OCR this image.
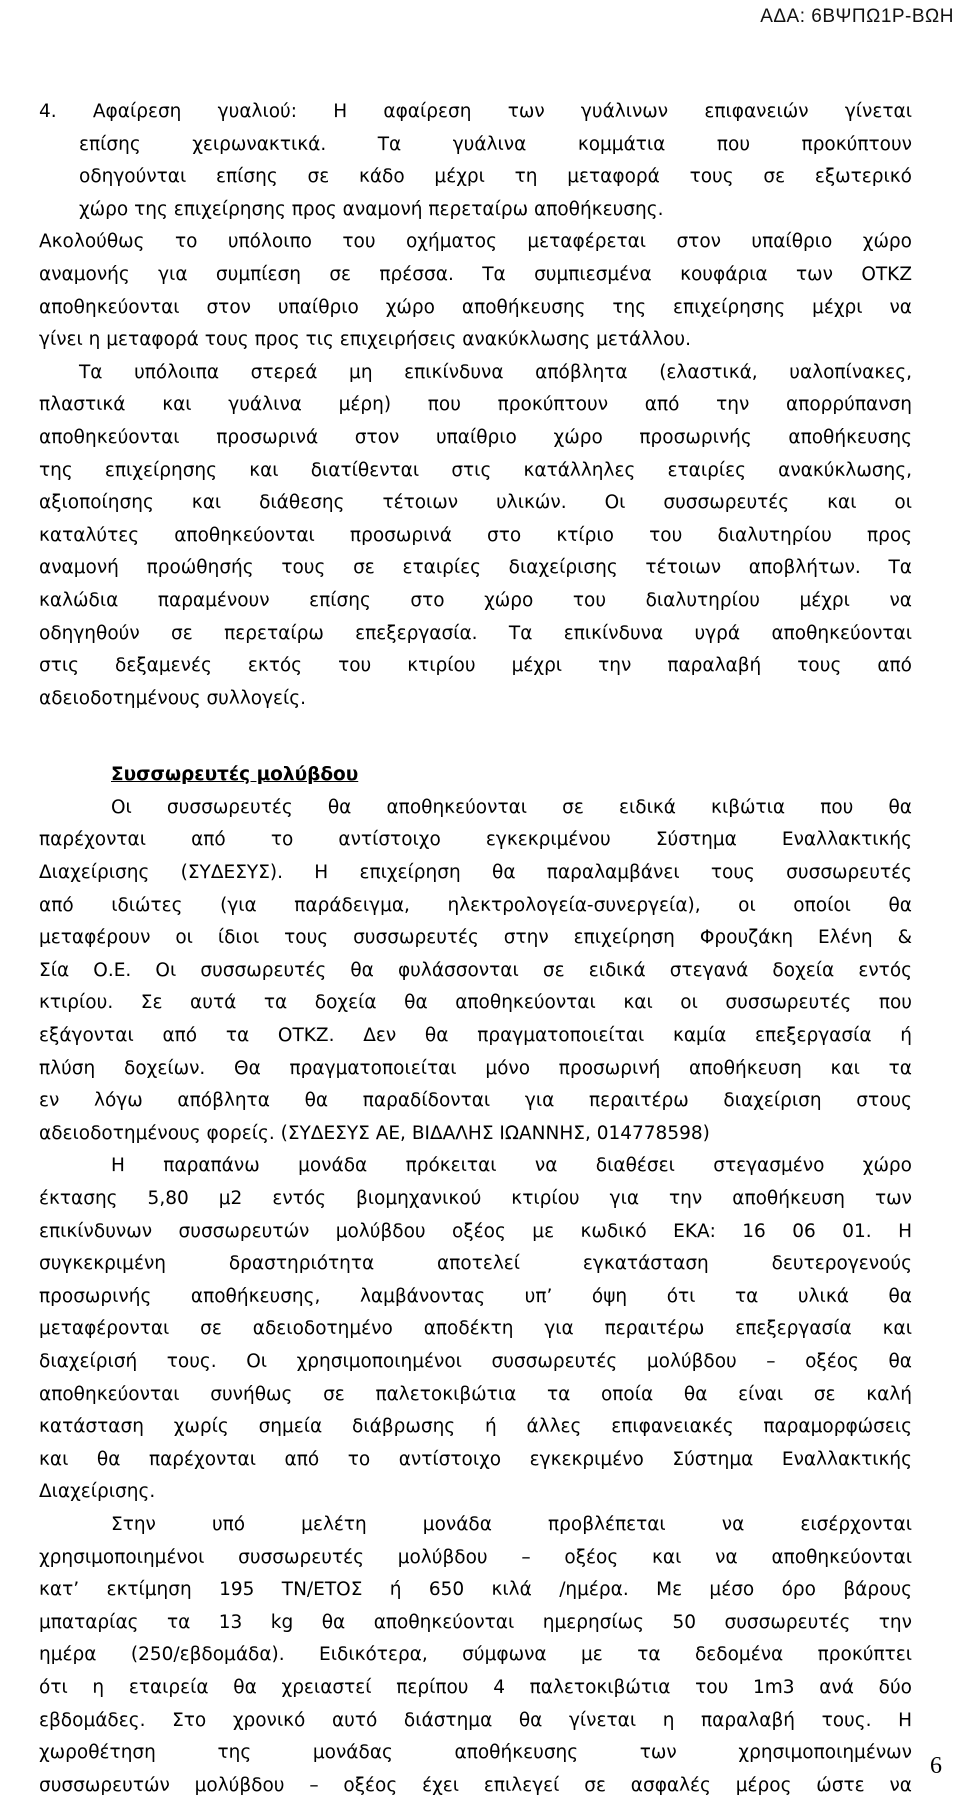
ΑΔΑ: 6ΒΨΠΩ1Ρ-ΒΩΗ
4. Αφαίρεση γυαλιού: Η αφαίρεση των γυάλινων επιφανειών γίνεται
επίσης χειρωνακτικά. Τα γυάλινα κομμάτια που προκύπτουν
οδηγούνται επίσης σε κάδο μέχρι τη μεταφορά τους σε εξωτερικό
χώρο της επιχείρησης προς αναμονή περεταίρω αποθήκευσης.
Ακολούθως το υπόλοιπο του οχήματος μεταφέρεται στον υπαίθριο χώρο
αναμονής για συμπίεση σε πρέσσα. Τα συμπιεσμένα κουφάρια των ΟΤΚΖ
αποθηκεύονται στον υπαίθριο χώρο αποθήκευσης της επιχείρησης μέχρι να
γίνει η μεταφορά τους προς τις επιχειρήσεις ανακύκλωσης μετάλλου.
Τα υπόλοιπα στερεά μη επικίνδυνα απόβλητα (ελαστικά, υαλοπίνακες,
πλαστικά και γυάλινα μέρη) που προκύπτουν από την απορρύπανση
αποθηκεύονται προσωρινά στον υπαίθριο χώρο προσωρινής αποθήκευσης
της επιχείρησης και διατίθενται στις κατάλληλες εταιρίες ανακύκλωσης,
αξιοποίησης και διάθεσης τέτοιων υλικών. Οι συσσωρευτές και οι
καταλύτες αποθηκεύονται προσωρινά στο κτίριο του διαλυτηρίου προς
αναμονή προώθησής τους σε εταιρίες διαχείρισης τέτοιων αποβλήτων. Τα
καλώδια παραμένουν επίσης στο χώρο του διαλυτηρίου μέχρι να
οδηγηθούν σε περεταίρω επεξεργασία. Τα επικίνδυνα υγρά αποθηκεύονται
στις δεξαμενές εκτός του κτιρίου μέχρι την παραλαβή τους από
αδειοδοτημένους συλλογείς.
Συσσωρευτές μολύβδου
Οι συσσωρευτές θα αποθηκεύονται σε ειδικά κιβώτια που θα
παρέχονται από το αντίστοιχο εγκεκριμένου Σύστημα Εναλλακτικής
Διαχείρισης (ΣΥΔΕΣΥΣ). Η επιχείρηση θα παραλαμβάνει τους συσσωρευτές
από ιδιώτες (για παράδειγμα, ηλεκτρολογεία-συνεργεία), οι οποίοι θα
μεταφέρουν οι ίδιοι τους συσσωρευτές στην επιχείρηση Φρουζάκη Ελένη &
Σία Ο.Ε. Οι συσσωρευτές θα φυλάσσονται σε ειδικά στεγανά δοχεία εντός
κτιρίου. Σε αυτά τα δοχεία θα αποθηκεύονται και οι συσσωρευτές που
εξάγονται από τα ΟΤΚΖ. Δεν θα πραγματοποιείται καμία επεξεργασία ή
πλύση δοχείων. Θα πραγματοποιείται μόνο προσωρινή αποθήκευση και τα
εν λόγω απόβλητα θα παραδίδονται για περαιτέρω διαχείριση στους
αδειοδοτημένους φορείς. (ΣΥΔΕΣΥΣ ΑΕ, ΒΙΔΑΛΗΣ ΙΩΑΝΝΗΣ, 014778598)
Η παραπάνω μονάδα πρόκειται να διαθέσει στεγασμένο χώρο
έκτασης 5,80 μ2 εντός βιομηχανικού κτιρίου για την αποθήκευση των
επικίνδυνων συσσωρευτών μολύβδου οξέος με κωδικό ΕΚΑ: 16 06 01. Η
συγκεκριμένη δραστηριότητα αποτελεί εγκατάσταση δευτερογενούς
προσωρινής αποθήκευσης, λαμβάνοντας υπ’ όψη ότι τα υλικά θα
μεταφέρονται σε αδειοδοτημένο αποδέκτη για περαιτέρω επεξεργασία και
διαχείρισή τους. Οι χρησιμοποιημένοι συσσωρευτές μολύβδου – οξέος θα
αποθηκεύονται συνήθως σε παλετοκιβώτια τα οποία θα είναι σε καλή
κατάσταση χωρίς σημεία διάβρωσης ή άλλες επιφανειακές παραμορφώσεις
και θα παρέχονται από το αντίστοιχο εγκεκριμένο Σύστημα Εναλλακτικής
Διαχείρισης.
Στην υπό μελέτη μονάδα προβλέπεται να εισέρχονται
χρησιμοποιημένοι συσσωρευτές μολύβδου – οξέος και να αποθηκεύονται
κατ’ εκτίμηση 195 ΤΝ/ΕΤΟΣ ή 650 κιλά /ημέρα. Με μέσο όρο βάρους
μπαταρίας τα 13 kg θα αποθηκεύονται ημερησίως 50 συσσωρευτές την
ημέρα (250/εβδομάδα). Ειδικότερα, σύμφωνα με τα δεδομένα προκύπτει
ότι η εταιρεία θα χρειαστεί περίπου 4 παλετοκιβώτια του 1m3 ανά δύο
εβδομάδες. Στο χρονικό αυτό διάστημα θα γίνεται η παραλαβή τους. Η
χωροθέτηση της μονάδας αποθήκευσης των χρησιμοποιημένων
συσσωρευτών μολύβδου – οξέος έχει επιλεγεί σε ασφαλές μέρος ώστε να
6
